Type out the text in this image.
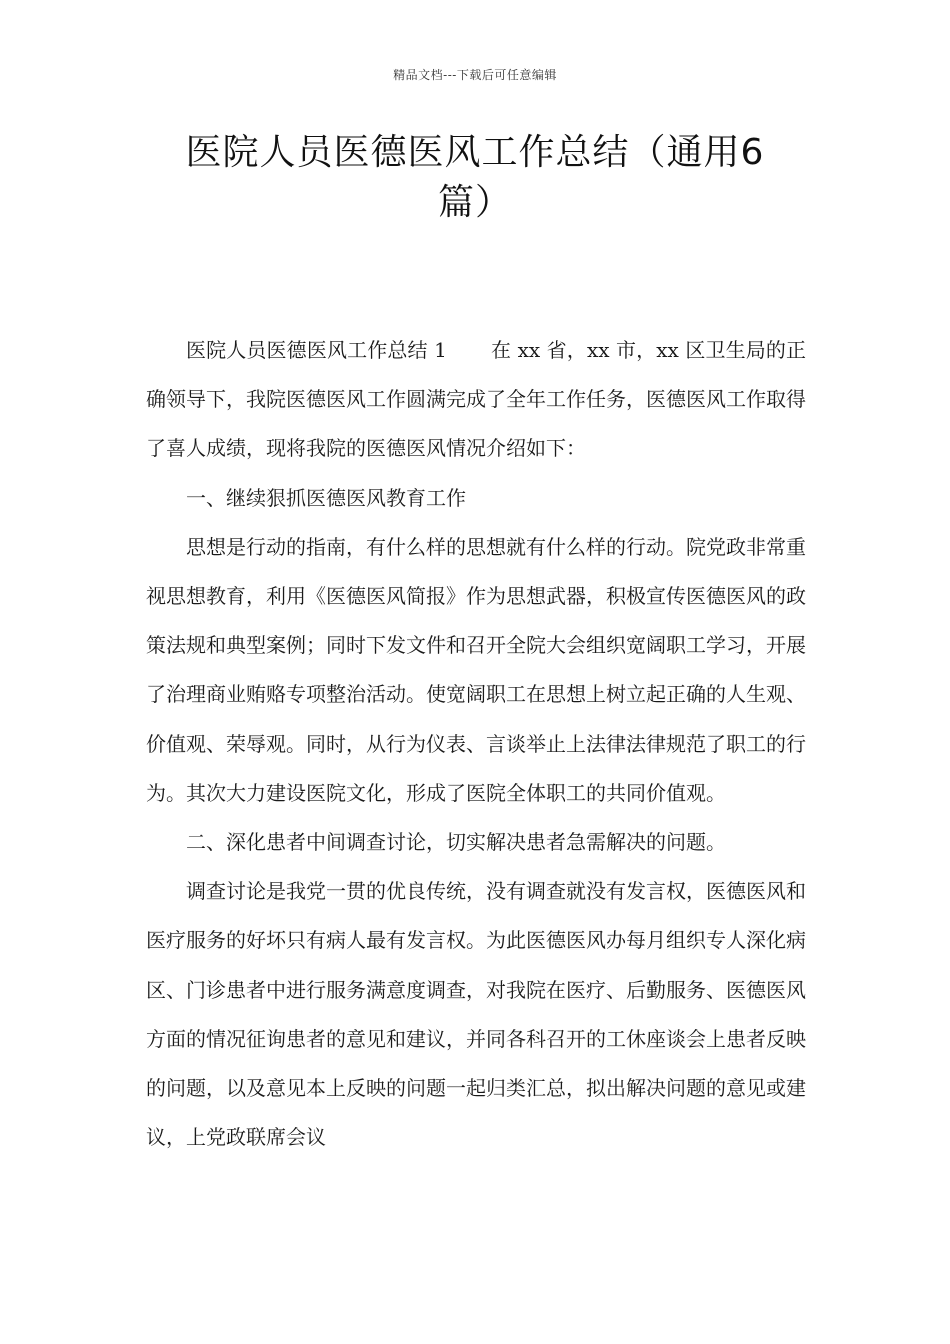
精品文档---下载后可任意编辑
医院人员医德医风工作总结（通用6篇）

医院人员医德医风工作总结 1 在 xx 省，xx 市，xx 区卫生局的正确领导下，我院医德医风工作圆满完成了全年工作任务，医德医风工作取得了喜人成绩，现将我院的医德医风情况介绍如下：

一、继续狠抓医德医风教育工作

思想是行动的指南，有什么样的思想就有什么样的行动。院党政非常重视思想教育，利用《医德医风简报》作为思想武器，积极宣传医德医风的政策法规和典型案例；同时下发文件和召开全院大会组织宽阔职工学习，开展了治理商业贿赂专项整治活动。使宽阔职工在思想上树立起正确的人生观、价值观、荣辱观。同时，从行为仪表、言谈举止上法律法律规范了职工的行为。其次大力建设医院文化，形成了医院全体职工的共同价值观。

二、深化患者中间调查讨论，切实解决患者急需解决的问题。

调查讨论是我党一贯的优良传统，没有调查就没有发言权，医德医风和医疗服务的好坏只有病人最有发言权。为此医德医风办每月组织专人深化病区、门诊患者中进行服务满意度调查，对我院在医疗、后勤服务、医德医风方面的情况征询患者的意见和建议，并同各科召开的工休座谈会上患者反映的问题，以及意见本上反映的问题一起归类汇总，拟出解决问题的意见或建议，上党政联席会议
